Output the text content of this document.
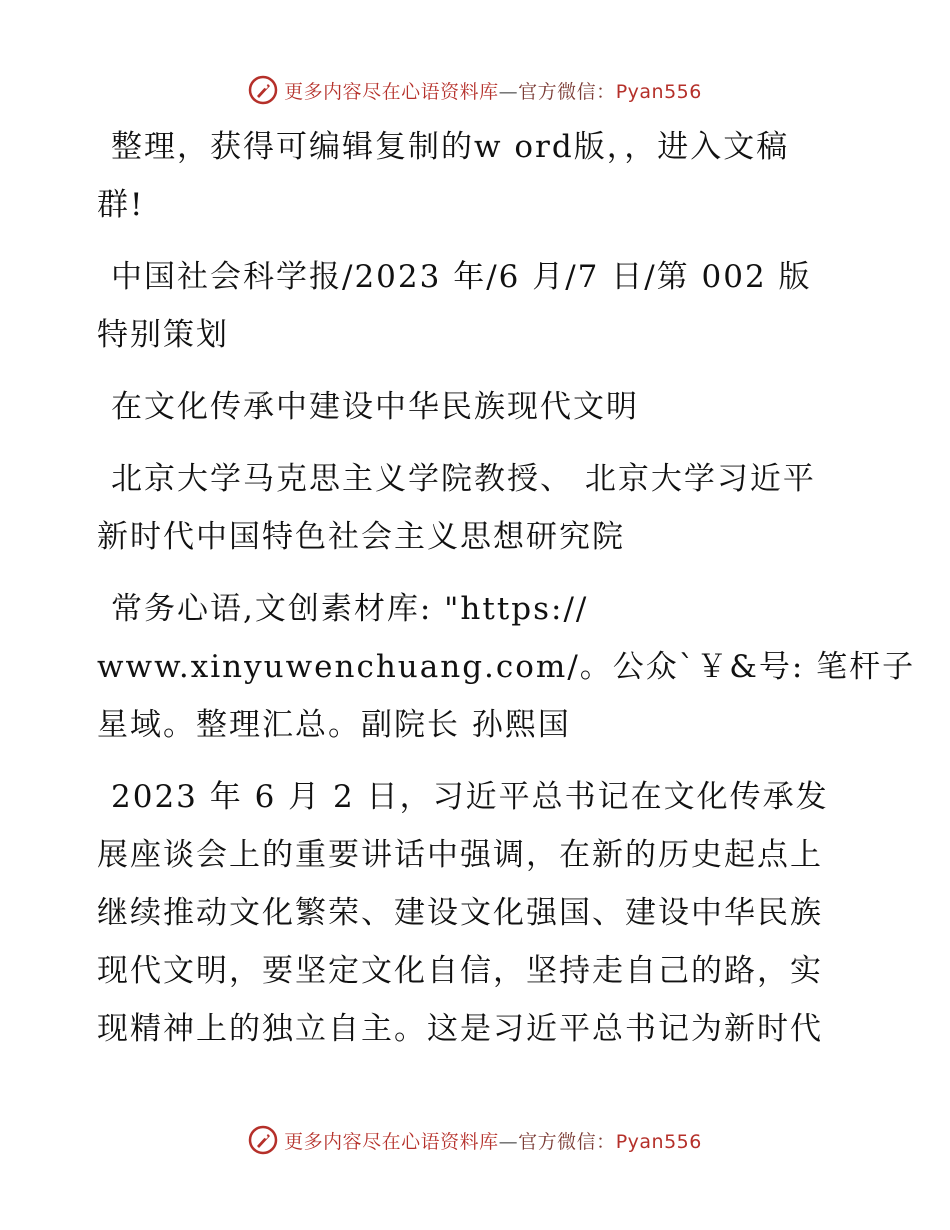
更多内容尽在心语资料库—官方微信：Pyan556

整理，获得可编辑复制的w ord版，，进入文稿
群!

中国社会科学报/2023 年/6 月/7 日/第 002 版
特别策划

在文化传承中建设中华民族现代文明

北京大学马克思主义学院教授、 北京大学习近平
新时代中国特色社会主义思想研究院

常务心语,文创素材库: "https://
www.xinyuwenchuang.com/。公众`￥&号: 笔杆子
星域。整理汇总。副院长 孙熙国

2023 年 6 月 2 日，习近平总书记在文化传承发
展座谈会上的重要讲话中强调，在新的历史起点上
继续推动文化繁荣、建设文化强国、建设中华民族
现代文明，要坚定文化自信，坚持走自己的路，实
现精神上的独立自主。这是习近平总书记为新时代

更多内容尽在心语资料库—官方微信：Pyan556
